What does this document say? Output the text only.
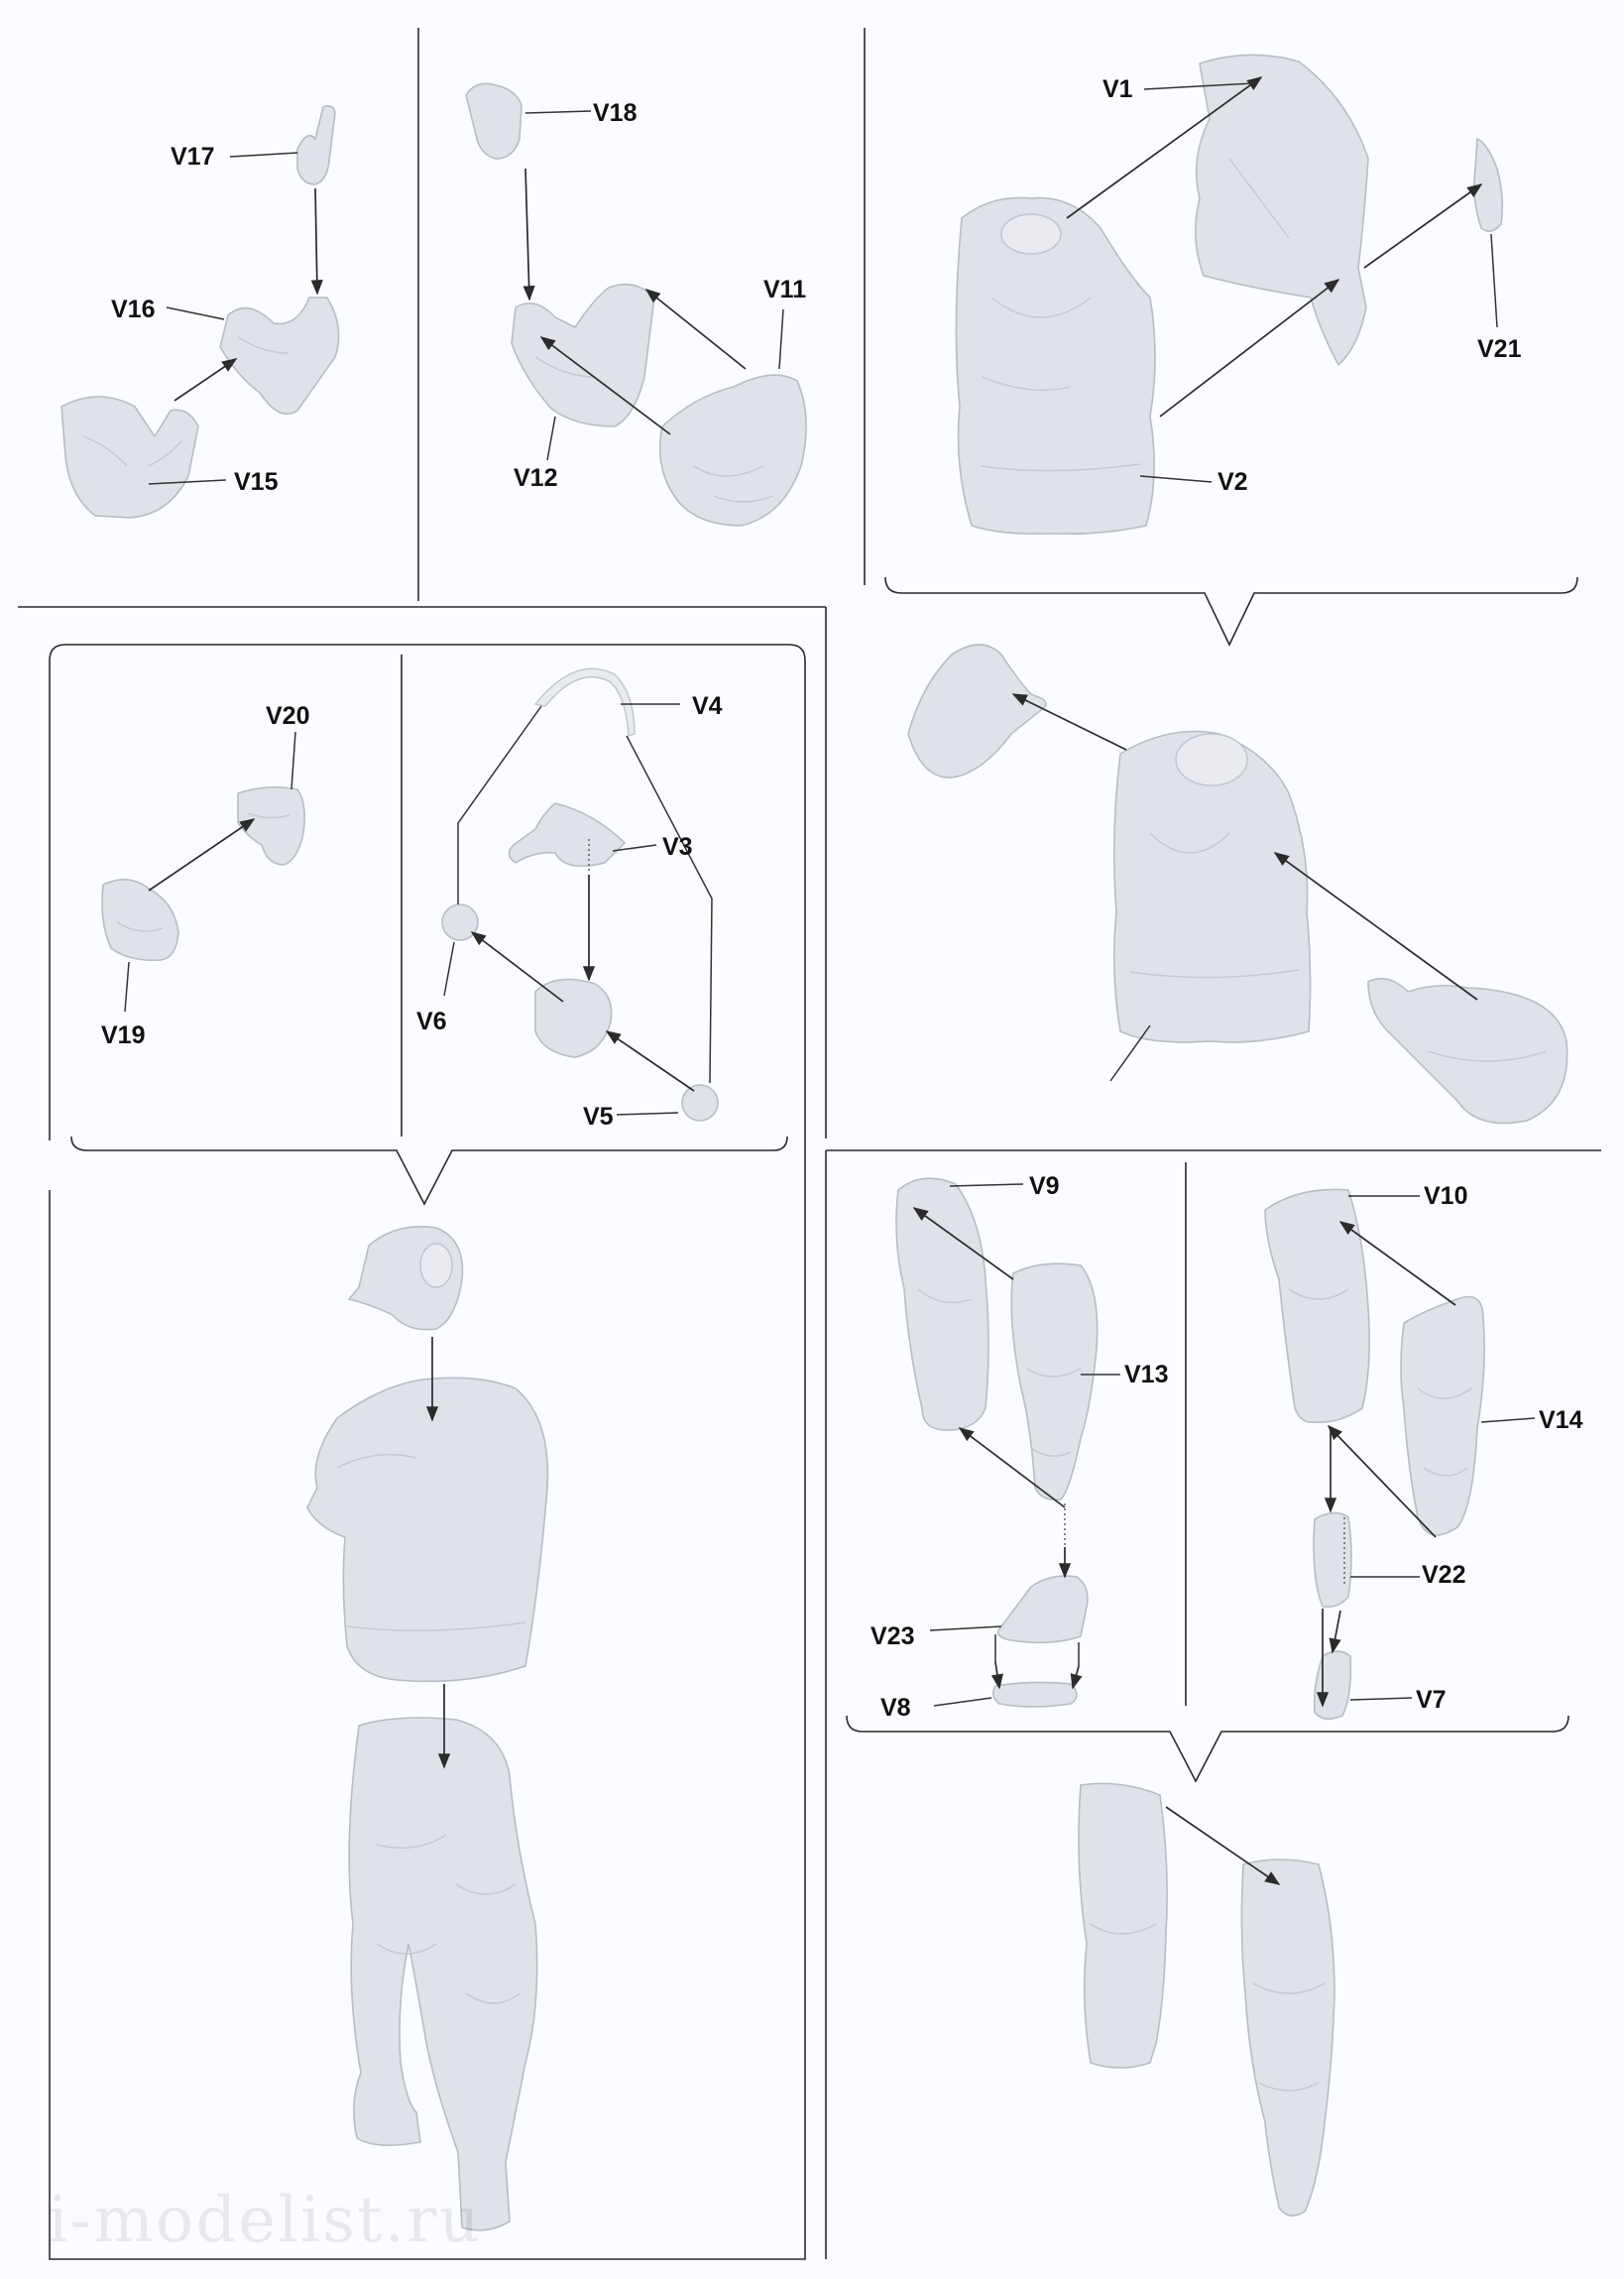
V17
V16
V15
V18
V11
V12
V1
V21
V2
V20
V19
V4
V3
V6
V5
V9
V13
V23
V8
V10
V14
V22
V7
i-modelist.ru
